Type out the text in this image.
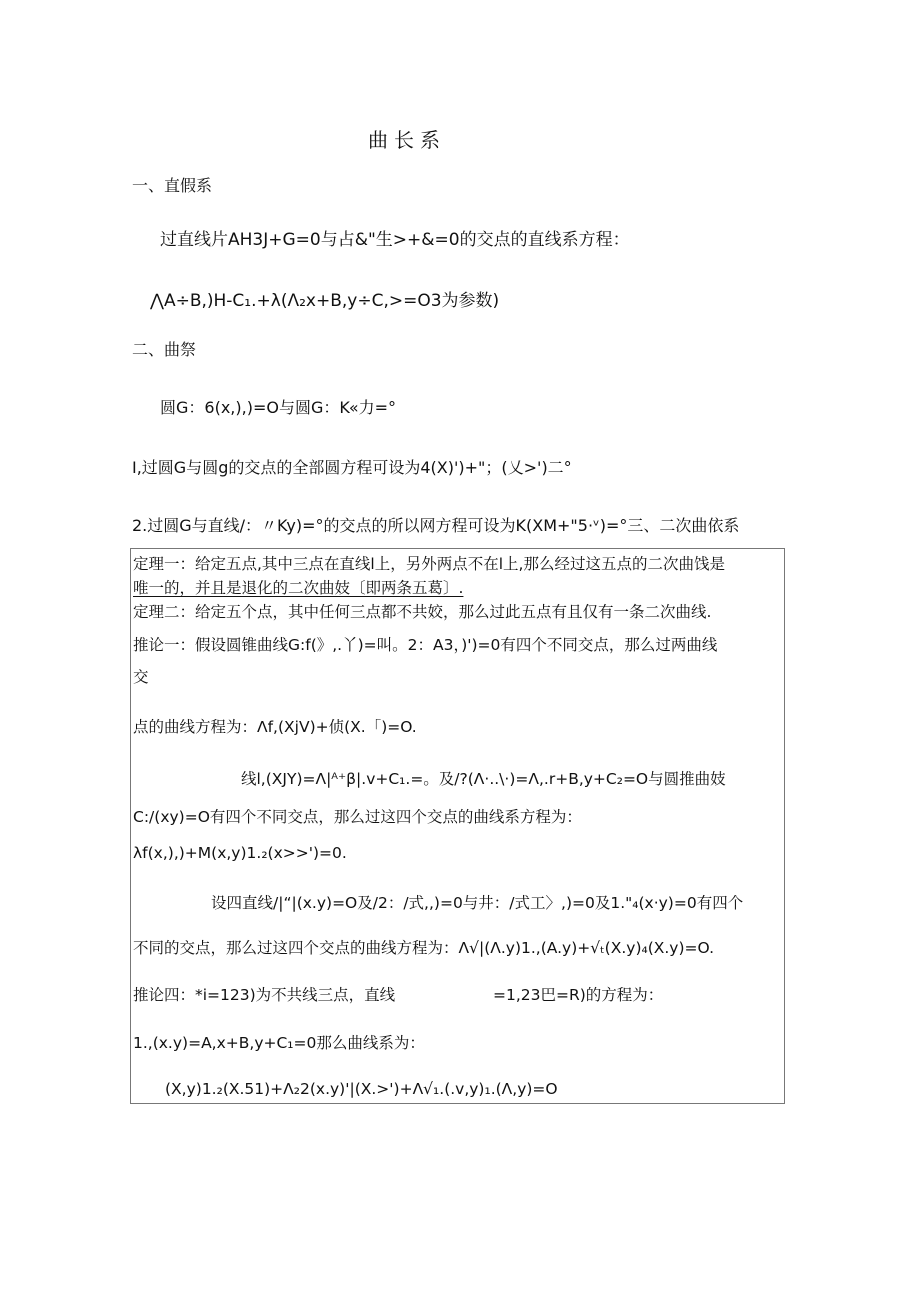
曲长系
一、直假系
过直线片AH3J+G=0与占&"生>+&=0的交点的直线系方程：
⋀A÷B,)H-C₁.+λ(Λ₂x+B,y÷C,>=O3为参数)
二、曲祭
圆G：6(x,),)=O与圆G：K«力=°
I,过圆G与圆g的交点的全部圆方程可设为4(X)')+"；(乂>')二°
2.过圆G与直线/：〃Ky)=°的交点的所以网方程可设为K(XM+"5·ᵛ)=°三、二次曲依系
定理一：给定五点,其中三点在直线l上，另外两点不在l上,那么经过这五点的二次曲饯是
唯一的，并且是退化的二次曲妓〔即两条五葛〕.
定理二：给定五个点，其中任何三点都不共姣，那么过此五点有且仅有一条二次曲线.
推论一：假设圆锥曲线G:f(》,.丫)=叫。2：A3，)')=0有四个不同交点，那么过两曲线
交
点的曲线方程为：Λf,(XjV)+侦(X.「)=O.
线l,(XJY)=Λ|ᴬ⁺β|.v+C₁.=。及/?(Λ·..\·)=Λ,.r+B,y+C₂=O与圆推曲妓
C:/(xy)=O有四个不同交点，那么过这四个交点的曲线系方程为：
λf(x,),)+M(x,y)1.₂(x>>')=0.
设四直线/|“|(x.y)=O及/2：/式,,)=0与井：/式工〉,)=0及1."₄(x·y)=0有四个
不同的交点，那么过这四个交点的曲线方程为：Λ√|(Λ.y)1.,(A.y)+√ₜ(X.y)₄(X.y)=O.
推论四：*i=123)为不共线三点，直线	=1,23巴=R)的方程为：
1.,(x.y)=A,x+B,y+C₁=0那么曲线系为：
(X,y)1.₂(X.51)+Λ₂2(x.y)'|(X.>')+Λ√₁.(.v,y)₁.(Λ,y)=O
